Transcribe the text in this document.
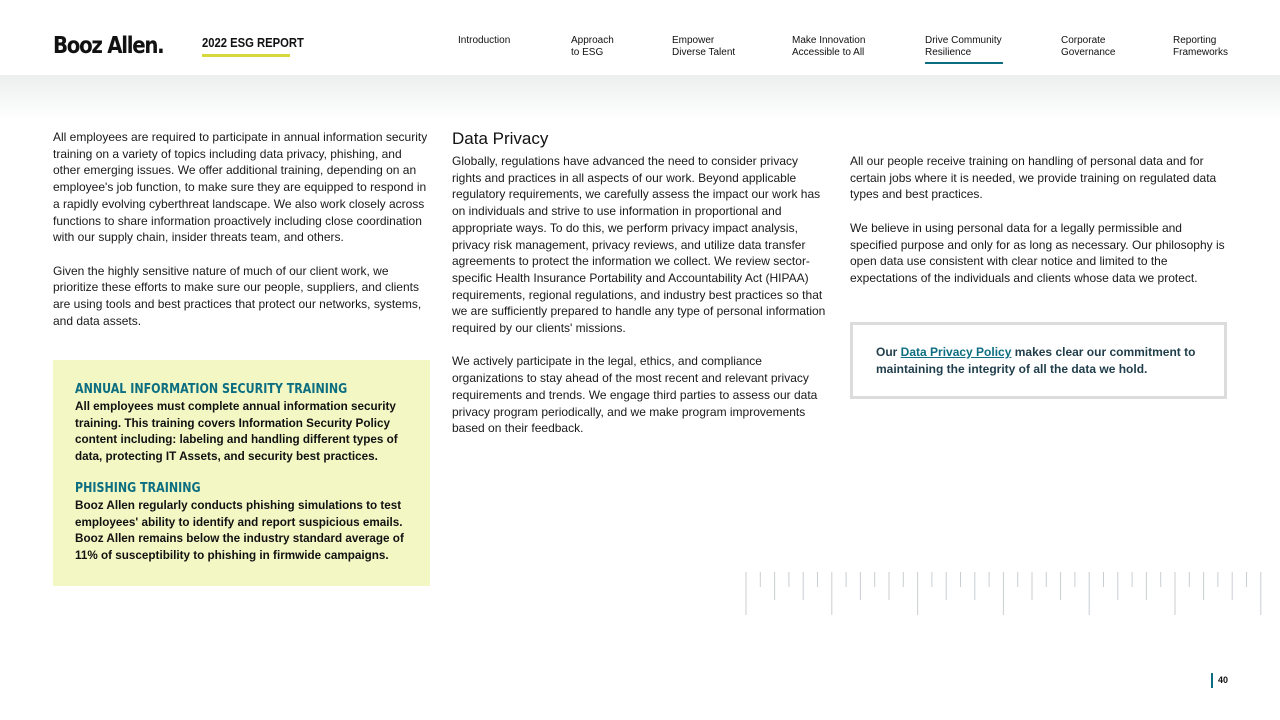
Booz Allen.	2022 ESG REPORT	Introduction	Approach
to ESG
Empower
Diverse Talent
Make Innovation
Accessible to All
Drive Community
Resilience
Corporate
Governance
Reporting
Frameworks

All employees are required to participate in annual information security training on a variety of topics including data privacy, phishing, and other emerging issues. We offer additional training, depending on an employee's job function, to make sure they are equipped to respond in a rapidly evolving cyberthreat landscape. We also work closely across functions to share information proactively including close coordination with our supply chain, insider threats team, and others.

Given the highly sensitive nature of much of our client work, we prioritize these efforts to make sure our people, suppliers, and clients are using tools and best practices that protect our networks, systems, and data assets.

ANNUAL INFORMATION SECURITY TRAINING

All employees must complete annual information security training. This training covers Information Security Policy content including: labeling and handling different types of data, protecting IT Assets, and security best practices.

PHISHING TRAINING

Booz Allen regularly conducts phishing simulations to test employees' ability to identify and report suspicious emails. Booz Allen remains below the industry standard average of 11% of susceptibility to phishing in firmwide campaigns.

Data Privacy

Globally, regulations have advanced the need to consider privacy rights and practices in all aspects of our work. Beyond applicable regulatory requirements, we carefully assess the impact our work has on individuals and strive to use information in proportional and appropriate ways. To do this, we perform privacy impact analysis, privacy risk management, privacy reviews, and utilize data transfer agreements to protect the information we collect. We review sector-specific Health Insurance Portability and Accountability Act (HIPAA) requirements, regional regulations, and industry best practices so that we are sufficiently prepared to handle any type of personal information required by our clients' missions.

We actively participate in the legal, ethics, and compliance organizations to stay ahead of the most recent and relevant privacy requirements and trends. We engage third parties to assess our data privacy program periodically, and we make program improvements based on their feedback.

All our people receive training on handling of personal data and for certain jobs where it is needed, we provide training on regulated data types and best practices.

We believe in using personal data for a legally permissible and specified purpose and only for as long as necessary. Our philosophy is open data use consistent with clear notice and limited to the expectations of the individuals and clients whose data we protect.

Our Data Privacy Policy makes clear our commitment to maintaining the integrity of all the data we hold.

40
